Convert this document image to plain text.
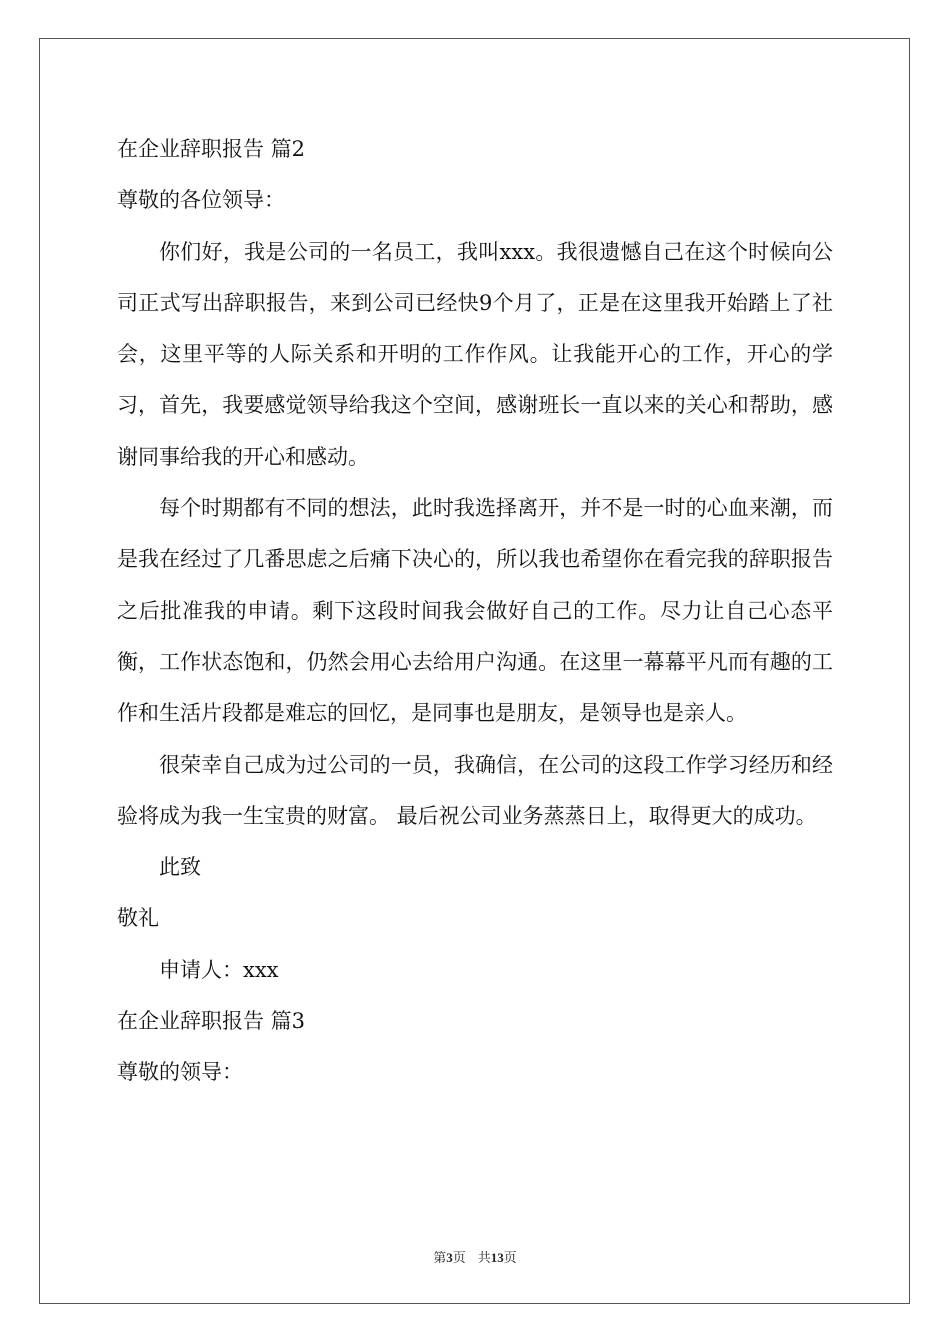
在企业辞职报告 篇2

尊敬的各位领导：

你们好，我是公司的一名员工，我叫xxx。我很遗憾自己在这个时候向公司正式写出辞职报告，来到公司已经快9个月了，正是在这里我开始踏上了社会，这里平等的人际关系和开明的工作作风。让我能开心的工作，开心的学习，首先，我要感觉领导给我这个空间，感谢班长一直以来的关心和帮助，感谢同事给我的开心和感动。

每个时期都有不同的想法，此时我选择离开，并不是一时的心血来潮，而是我在经过了几番思虑之后痛下决心的，所以我也希望你在看完我的辞职报告之后批准我的申请。剩下这段时间我会做好自己的工作。尽力让自己心态平衡，工作状态饱和，仍然会用心去给用户沟通。在这里一幕幕平凡而有趣的工作和生活片段都是难忘的回忆，是同事也是朋友，是领导也是亲人。

很荣幸自己成为过公司的一员，我确信，在公司的这段工作学习经历和经验将成为我一生宝贵的财富。 最后祝公司业务蒸蒸日上，取得更大的成功。

此致

敬礼

申请人：xxx

在企业辞职报告 篇3

尊敬的领导：

第3页 共13页
